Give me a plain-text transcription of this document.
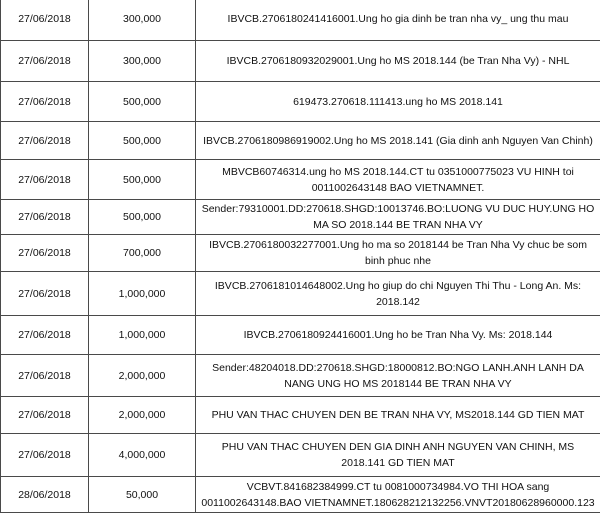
27/06/2018	300,000	IBVCB.2706180241416001.Ung ho gia dinh be tran nha vy_ ung thu mau
27/06/2018	300,000	IBVCB.2706180932029001.Ung ho MS 2018.144 (be Tran Nha Vy) - NHL
27/06/2018	500,000	619473.270618.111413.ung ho MS 2018.141
27/06/2018	500,000	IBVCB.2706180986919002.Ung ho MS 2018.141 (Gia dinh anh Nguyen Van Chinh)
27/06/2018	500,000	MBVCB60746314.ung ho MS 2018.144.CT tu 0351000775023 VU HINH toi 0011002643148 BAO VIETNAMNET.
27/06/2018	500,000	Sender:79310001.DD:270618.SHGD:10013746.BO:LUONG VU DUC HUY.UNG HO MA SO 2018.144 BE TRAN NHA VY
27/06/2018	700,000	IBVCB.2706180032277001.Ung ho ma so 2018144 be Tran Nha Vy chuc be som binh phuc nhe
27/06/2018	1,000,000	IBVCB.2706181014648002.Ung ho giup do chi Nguyen Thi Thu - Long An. Ms: 2018.142
27/06/2018	1,000,000	IBVCB.2706180924416001.Ung ho be Tran Nha Vy. Ms: 2018.144
27/06/2018	2,000,000	Sender:48204018.DD:270618.SHGD:18000812.BO:NGO LANH.ANH LANH DA NANG UNG HO MS 2018144 BE TRAN NHA VY
27/06/2018	2,000,000	PHU VAN THAC CHUYEN DEN BE TRAN NHA VY, MS2018.144 GD TIEN MAT
27/06/2018	4,000,000	PHU VAN THAC CHUYEN DEN GIA DINH ANH NGUYEN VAN CHINH, MS 2018.141 GD TIEN MAT
28/06/2018	50,000	VCBVT.841682384999.CT tu 0081000734984.VO THI HOA sang 0011002643148.BAO VIETNAMNET.180628212132256.VNVT20180628960000.123
